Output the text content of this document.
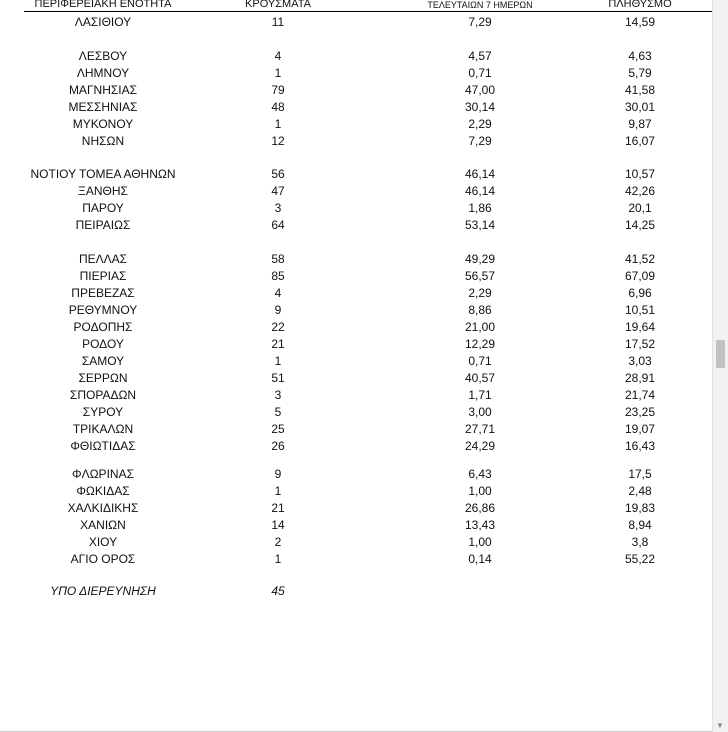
ΠΕΡΙΦΕΡΕΙΑΚΗ ΕΝΟΤΗΤΑ	ΚΡΟΥΣΜΑΤΑ	ΤΕΛΕΥΤΑΙΩΝ 7 ΗΜΕΡΩΝ	ΠΛΗΘΥΣΜΟ
ΛΑΣΙΘΙΟΥ	11	7,29	14,59
ΛΕΣΒΟΥ	4	4,57	4,63
ΛΗΜΝΟΥ	1	0,71	5,79
ΜΑΓΝΗΣΙΑΣ	79	47,00	41,58
ΜΕΣΣΗΝΙΑΣ	48	30,14	30,01
ΜΥΚΟΝΟΥ	1	2,29	9,87
ΝΗΣΩΝ	12	7,29	16,07
ΝΟΤΙΟΥ ΤΟΜΕΑ ΑΘΗΝΩΝ	56	46,14	10,57
ΞΑΝΘΗΣ	47	46,14	42,26
ΠΑΡΟΥ	3	1,86	20,1
ΠΕΙΡΑΙΩΣ	64	53,14	14,25
ΠΕΛΛΑΣ	58	49,29	41,52
ΠΙΕΡΙΑΣ	85	56,57	67,09
ΠΡΕΒΕΖΑΣ	4	2,29	6,96
ΡΕΘΥΜΝΟΥ	9	8,86	10,51
ΡΟΔΟΠΗΣ	22	21,00	19,64
ΡΟΔΟΥ	21	12,29	17,52
ΣΑΜΟΥ	1	0,71	3,03
ΣΕΡΡΩΝ	51	40,57	28,91
ΣΠΟΡΑΔΩΝ	3	1,71	21,74
ΣΥΡΟΥ	5	3,00	23,25
ΤΡΙΚΑΛΩΝ	25	27,71	19,07
ΦΘΙΩΤΙΔΑΣ	26	24,29	16,43
ΦΛΩΡΙΝΑΣ	9	6,43	17,5
ΦΩΚΙΔΑΣ	1	1,00	2,48
ΧΑΛΚΙΔΙΚΗΣ	21	26,86	19,83
ΧΑΝΙΩΝ	14	13,43	8,94
ΧΙΟΥ	2	1,00	3,8
ΑΓΙΟ ΟΡΟΣ	1	0,14	55,22
ΥΠΟ ΔΙΕΡΕΥΝΗΣΗ	45
▼
